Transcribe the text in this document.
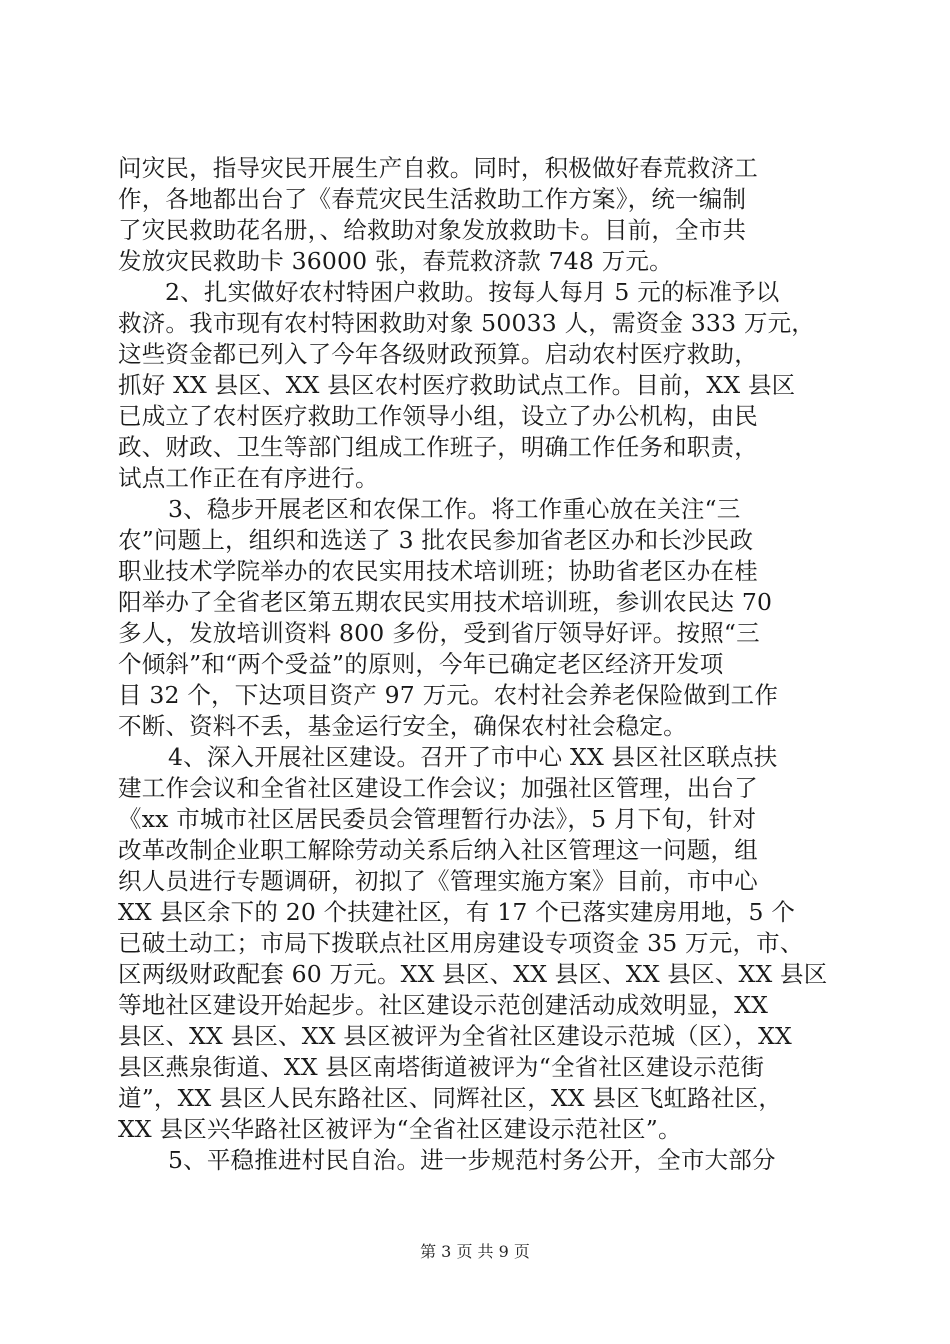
问灾民，指导灾民开展生产自救。同时，积极做好春荒救济工
作，各地都出台了《春荒灾民生活救助工作方案》，统一编制
了灾民救助花名册，、给救助对象发放救助卡。目前，全市共
发放灾民救助卡 36000 张，春荒救济款 748 万元。
2、扎实做好农村特困户救助。按每人每月 5 元的标准予以
救济。我市现有农村特困救助对象 50033 人，需资金 333 万元，
这些资金都已列入了今年各级财政预算。启动农村医疗救助，
抓好 XX 县区、XX 县区农村医疗救助试点工作。目前，XX 县区
已成立了农村医疗救助工作领导小组，设立了办公机构，由民
政、财政、卫生等部门组成工作班子，明确工作任务和职责，
试点工作正在有序进行。
3、稳步开展老区和农保工作。将工作重心放在关注“三
农”问题上，组织和选送了 3 批农民参加省老区办和长沙民政
职业技术学院举办的农民实用技术培训班；协助省老区办在桂
阳举办了全省老区第五期农民实用技术培训班，参训农民达 70
多人，发放培训资料 800 多份，受到省厅领导好评。按照“三
个倾斜”和“两个受益”的原则，今年已确定老区经济开发项
目 32 个，下达项目资产 97 万元。农村社会养老保险做到工作
不断、资料不丢，基金运行安全，确保农村社会稳定。
4、深入开展社区建设。召开了市中心 XX 县区社区联点扶
建工作会议和全省社区建设工作会议；加强社区管理，出台了
《xx 市城市社区居民委员会管理暂行办法》，5 月下旬，针对
改革改制企业职工解除劳动关系后纳入社区管理这一问题，组
织人员进行专题调研，初拟了《管理实施方案》目前，市中心
XX 县区余下的 20 个扶建社区，有 17 个已落实建房用地，5 个
已破土动工；市局下拨联点社区用房建设专项资金 35 万元，市、
区两级财政配套 60 万元。XX 县区、XX 县区、XX 县区、XX 县区
等地社区建设开始起步。社区建设示范创建活动成效明显，XX
县区、XX 县区、XX 县区被评为全省社区建设示范城（区），XX
县区燕泉街道、XX 县区南塔街道被评为“全省社区建设示范街
道”，XX 县区人民东路社区、同辉社区，XX 县区飞虹路社区，
XX 县区兴华路社区被评为“全省社区建设示范社区”。
5、平稳推进村民自治。进一步规范村务公开，全市大部分
第 3 页 共 9 页
